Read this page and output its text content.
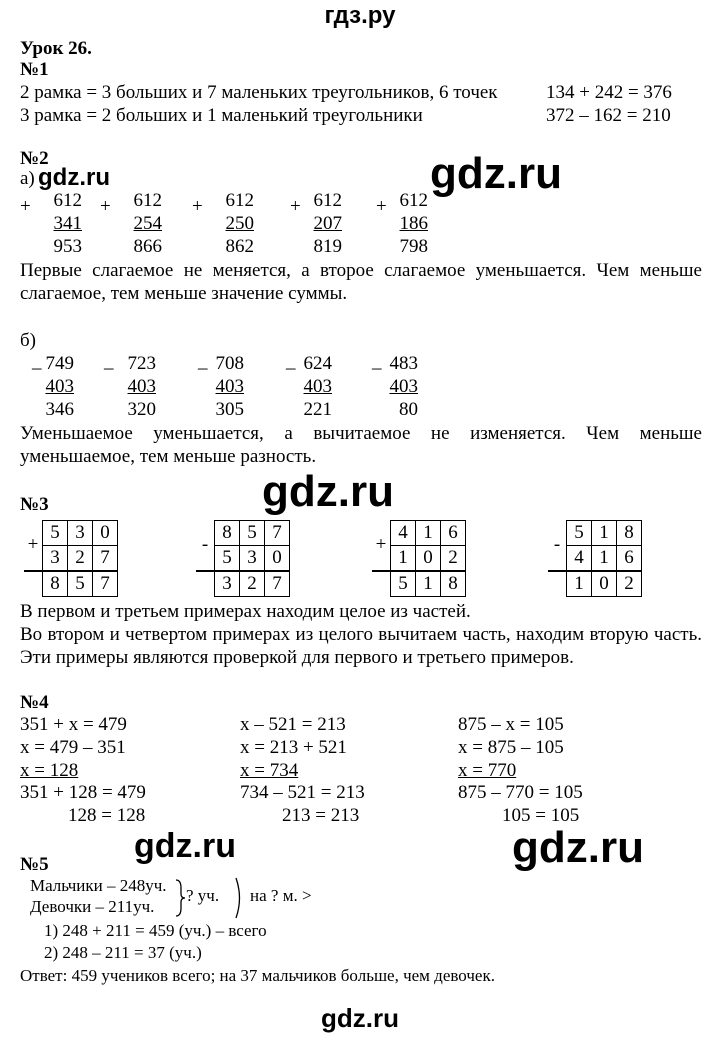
гдз.ру
gdz.ru
gdz.ru
gdz.ru
gdz.ru	gdz.ru
gdz.ru
Урок 26.
№1
2 рамка = 3 больших и 7 маленьких треугольников, 6 точек	134 + 242 = 376
3 рамка = 2 больших и 1 маленький треугольники	372 – 162 = 210
№2
а)
+	612
341
953
+	612
254
866
+	612
250
862
+ 612
207
819
+ 612
186
798
Первые слагаемое не меняется, а второе слагаемое уменьшается. Чем меньше слагаемое, тем меньше значение суммы.
б)
_ 749
403
346
_ 723
403
320
_ 708
403
305
_ 624
403
221
_ 483
403
80
Уменьшаемое уменьшается, а вычитаемое не изменяется. Чем меньше уменьшаемое, тем меньше разность.
№3
+	5	3	0
	3	2	7
	8	5	7
-	8	5	7
	5	3	0
	3	2	7
+	4	1	6
	1	0	2
	5	1	8
-	5	1	8
	4	1	6
	1	0	2
В первом и третьем примерах находим целое из частей.
Во втором и четвертом примерах из целого вычитаем часть, находим вторую часть. Эти примеры являются проверкой для первого и третьего примеров.
№4
351 + x = 479
x = 479 – 351
x = 128
351 + 128 = 479
128 = 128
x – 521 = 213
x = 213 + 521
x = 734
734 – 521 = 213
213 = 213
875 – x = 105
x = 875 – 105
x = 770
875 – 770 = 105
105 = 105
№5
Мальчики – 248уч.
Девочки – 211уч.
? уч. на ? м. >
1) 248 + 211 = 459 (уч.) – всего
2) 248 – 211 = 37 (уч.)
Ответ: 459 учеников всего; на 37 мальчиков больше, чем девочек.
